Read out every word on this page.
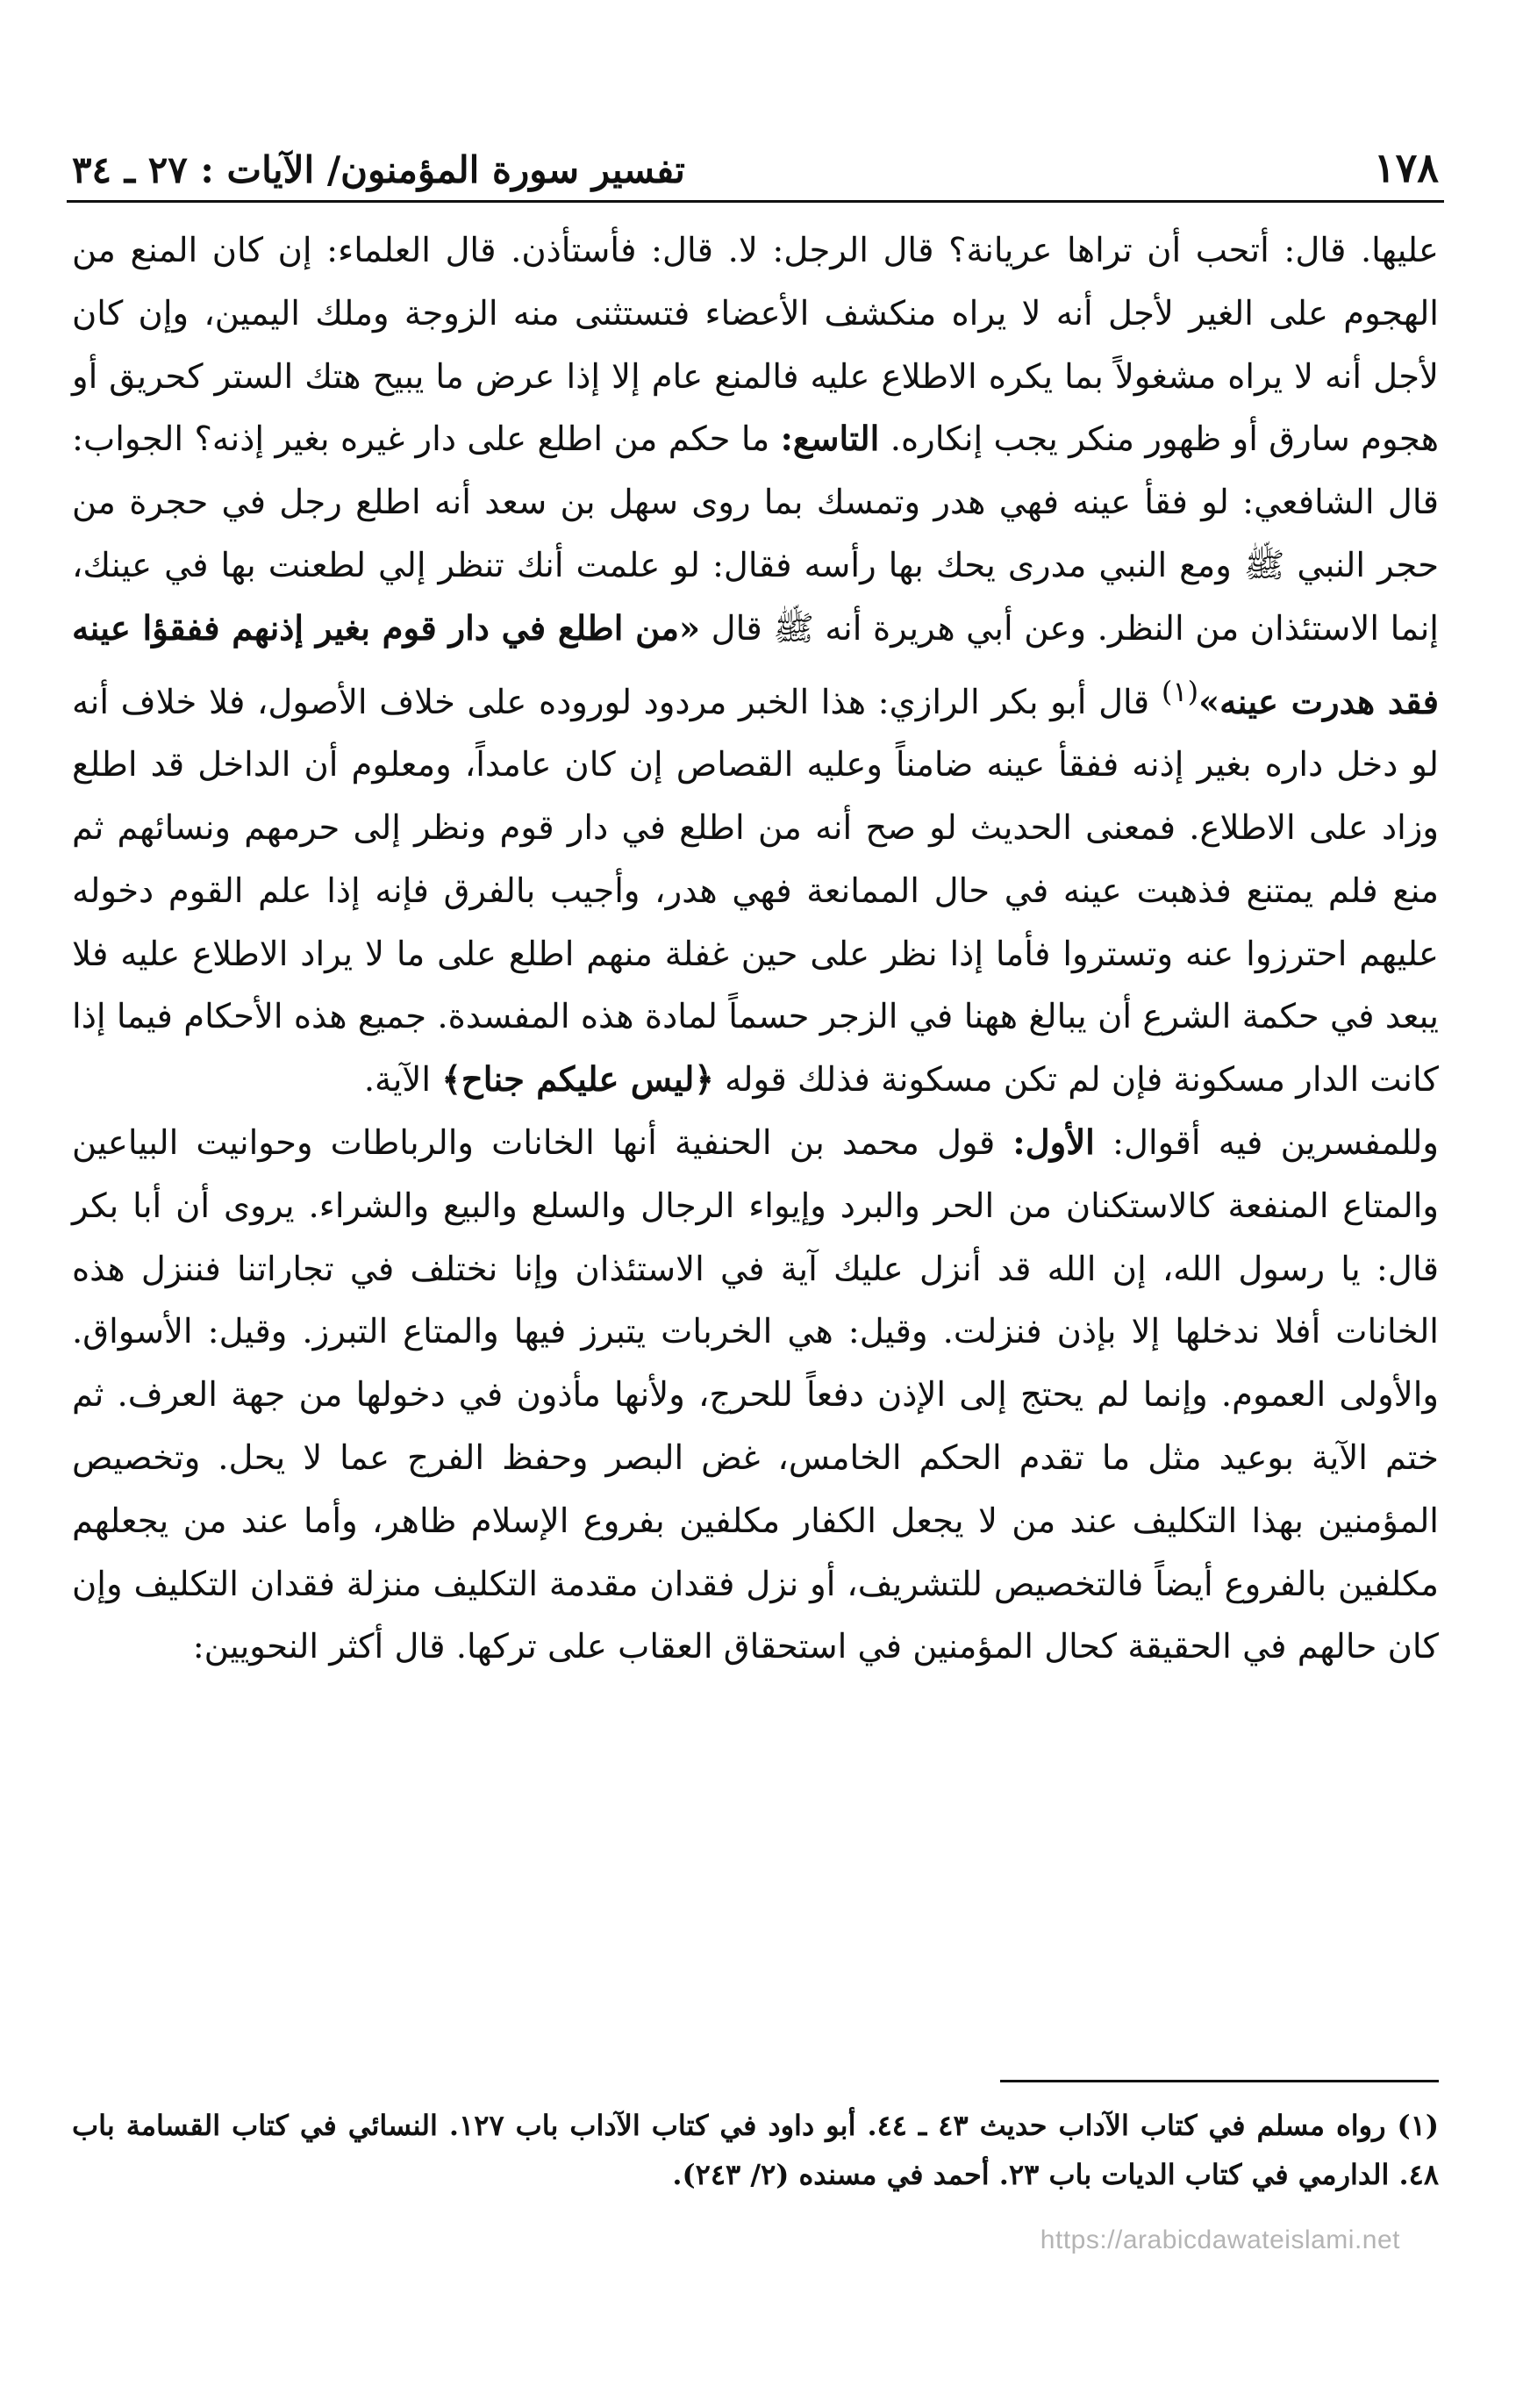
١٧٨
تفسير سورة المؤمنون/ الآيات : ٢٧ ـ ٣٤

عليها. قال: أتحب أن تراها عريانة؟ قال الرجل: لا. قال: فأستأذن. قال العلماء: إن كان المنع من الهجوم على الغير لأجل أنه لا يراه منكشف الأعضاء فتستثنى منه الزوجة وملك اليمين، وإن كان لأجل أنه لا يراه مشغولاً بما يكره الاطلاع عليه فالمنع عام إلا إذا عرض ما يبيح هتك الستر كحريق أو هجوم سارق أو ظهور منكر يجب إنكاره. التاسع: ما حكم من اطلع على دار غيره بغير إذنه؟ الجواب: قال الشافعي: لو فقأ عينه فهي هدر وتمسك بما روى سهل بن سعد أنه اطلع رجل في حجرة من حجر النبي ﷺ ومع النبي مدرى يحك بها رأسه فقال: لو علمت أنك تنظر إلي لطعنت بها في عينك، إنما الاستئذان من النظر. وعن أبي هريرة أنه ﷺ قال «من اطلع في دار قوم بغير إذنهم ففقؤا عينه فقد هدرت عينه»$^{(١)}$ قال أبو بكر الرازي: هذا الخبر مردود لوروده على خلاف الأصول، فلا خلاف أنه لو دخل داره بغير إذنه ففقأ عينه ضامناً وعليه القصاص إن كان عامداً، ومعلوم أن الداخل قد اطلع وزاد على الاطلاع. فمعنى الحديث لو صح أنه من اطلع في دار قوم ونظر إلى حرمهم ونسائهم ثم منع فلم يمتنع فذهبت عينه في حال الممانعة فهي هدر، وأجيب بالفرق فإنه إذا علم القوم دخوله عليهم احترزوا عنه وتستروا فأما إذا نظر على حين غفلة منهم اطلع على ما لا يراد الاطلاع عليه فلا يبعد في حكمة الشرع أن يبالغ ههنا في الزجر حسماً لمادة هذه المفسدة. جميع هذه الأحكام فيما إذا كانت الدار مسكونة فإن لم تكن مسكونة فذلك قوله ﴿ليس عليكم جناح﴾ الآية.

وللمفسرين فيه أقوال: الأول: قول محمد بن الحنفية أنها الخانات والرباطات وحوانيت البياعين والمتاع المنفعة كالاستكنان من الحر والبرد وإيواء الرجال والسلع والبيع والشراء. يروى أن أبا بكر قال: يا رسول الله، إن الله قد أنزل عليك آية في الاستئذان وإنا نختلف في تجاراتنا فننزل هذه الخانات أفلا ندخلها إلا بإذن فنزلت. وقيل: هي الخربات يتبرز فيها والمتاع التبرز. وقيل: الأسواق. والأولى العموم. وإنما لم يحتج إلى الإذن دفعاً للحرج، ولأنها مأذون في دخولها من جهة العرف. ثم ختم الآية بوعيد مثل ما تقدم الحكم الخامس، غض البصر وحفظ الفرج عما لا يحل. وتخصيص المؤمنين بهذا التكليف عند من لا يجعل الكفار مكلفين بفروع الإسلام ظاهر، وأما عند من يجعلهم مكلفين بالفروع أيضاً فالتخصيص للتشريف، أو نزل فقدان مقدمة التكليف منزلة فقدان التكليف وإن كان حالهم في الحقيقة كحال المؤمنين في استحقاق العقاب على تركها. قال أكثر النحويين:

(١) رواه مسلم في كتاب الآداب حديث ٤٣ ـ ٤٤. أبو داود في كتاب الآداب باب ١٢٧. النسائي في كتاب القسامة باب ٤٨. الدارمي في كتاب الديات باب ٢٣. أحمد في مسنده (٢/ ٢٤٣).

https://arabicdawateislami.net
